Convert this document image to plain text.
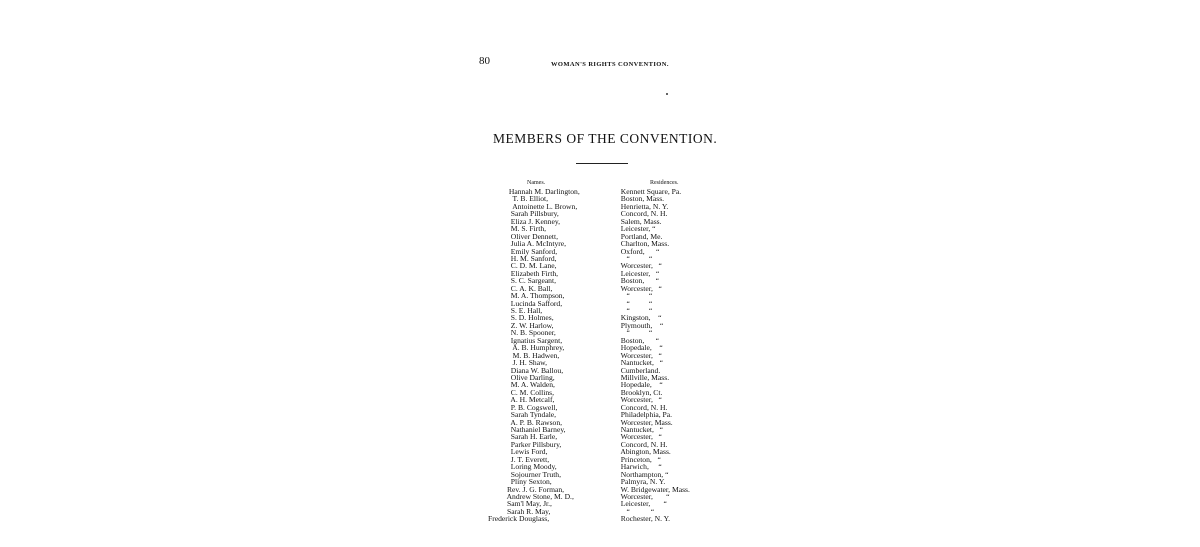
80	WOMAN'S RIGHTS CONVENTION.
MEMBERS OF THE CONVENTION.
Names.	Residences.
Hannah M. Darlington,
T. B. Elliot,
Antoinette L. Brown,
Sarah Pillsbury,
Eliza J. Kenney,
M. S. Firth,
Oliver Dennett,
Julia A. McIntyre,
Emily Sanford,
H. M. Sanford,
C. D. M. Lane,
Elizabeth Firth,
S. C. Sargeant,
C. A. K. Ball,
M. A. Thompson,
Lucinda Safford,
S. E. Hall,
S. D. Holmes,
Z. W. Harlow,
N. B. Spooner,
Ignatius Sargent,
A. B. Humphrey,
M. B. Hadwen,
J. H. Shaw,
Diana W. Ballou,
Olive Darling,
M. A. Walden,
C. M. Collins,
A. H. Metcalf,
P. B. Cogswell,
Sarah Tyndale,
A. P. B. Rawson,
Nathaniel Barney,
Sarah H. Earle,
Parker Pillsbury,
Lewis Ford,
J. T. Everett,
Loring Moody,
Sojourner Truth,
Pliny Sexton,
Rev. J. G. Forman,
Andrew Stone, M. D.,
Sam'l May, Jr.,
Sarah R. May,
Frederick Douglass,
Kennett Square, Pa.
Boston, Mass.
Henrietta, N. Y.
Concord, N. H.
Salem, Mass.
Leicester, “
Portland, Me.
Charlton, Mass.
Oxford,      “
“          “
Worcester,   “
Leicester,   “
Boston,      “
Worcester,   “
“          “
“          “
“          “
Kingston,    “
Plymouth,    “
“          “
Boston,      “
Hopedale,    “
Worcester,   “
Nantucket,   “
Cumberland.
Millville, Mass.
Hopedale,    “
Brooklyn, Ct.
Worcester,   “
Concord, N. H.
Philadelphia, Pa.
Worcester, Mass.
Nantucket,   “
Worcester,   “
Concord, N. H.
Abington, Mass.
Princeton,   “
Harwich,     “
Northampton, “
Palmyra, N. Y.
W. Bridgewater, Mass.
Worcester,       “
Leicester,       “
“           “
Rochester, N. Y.
